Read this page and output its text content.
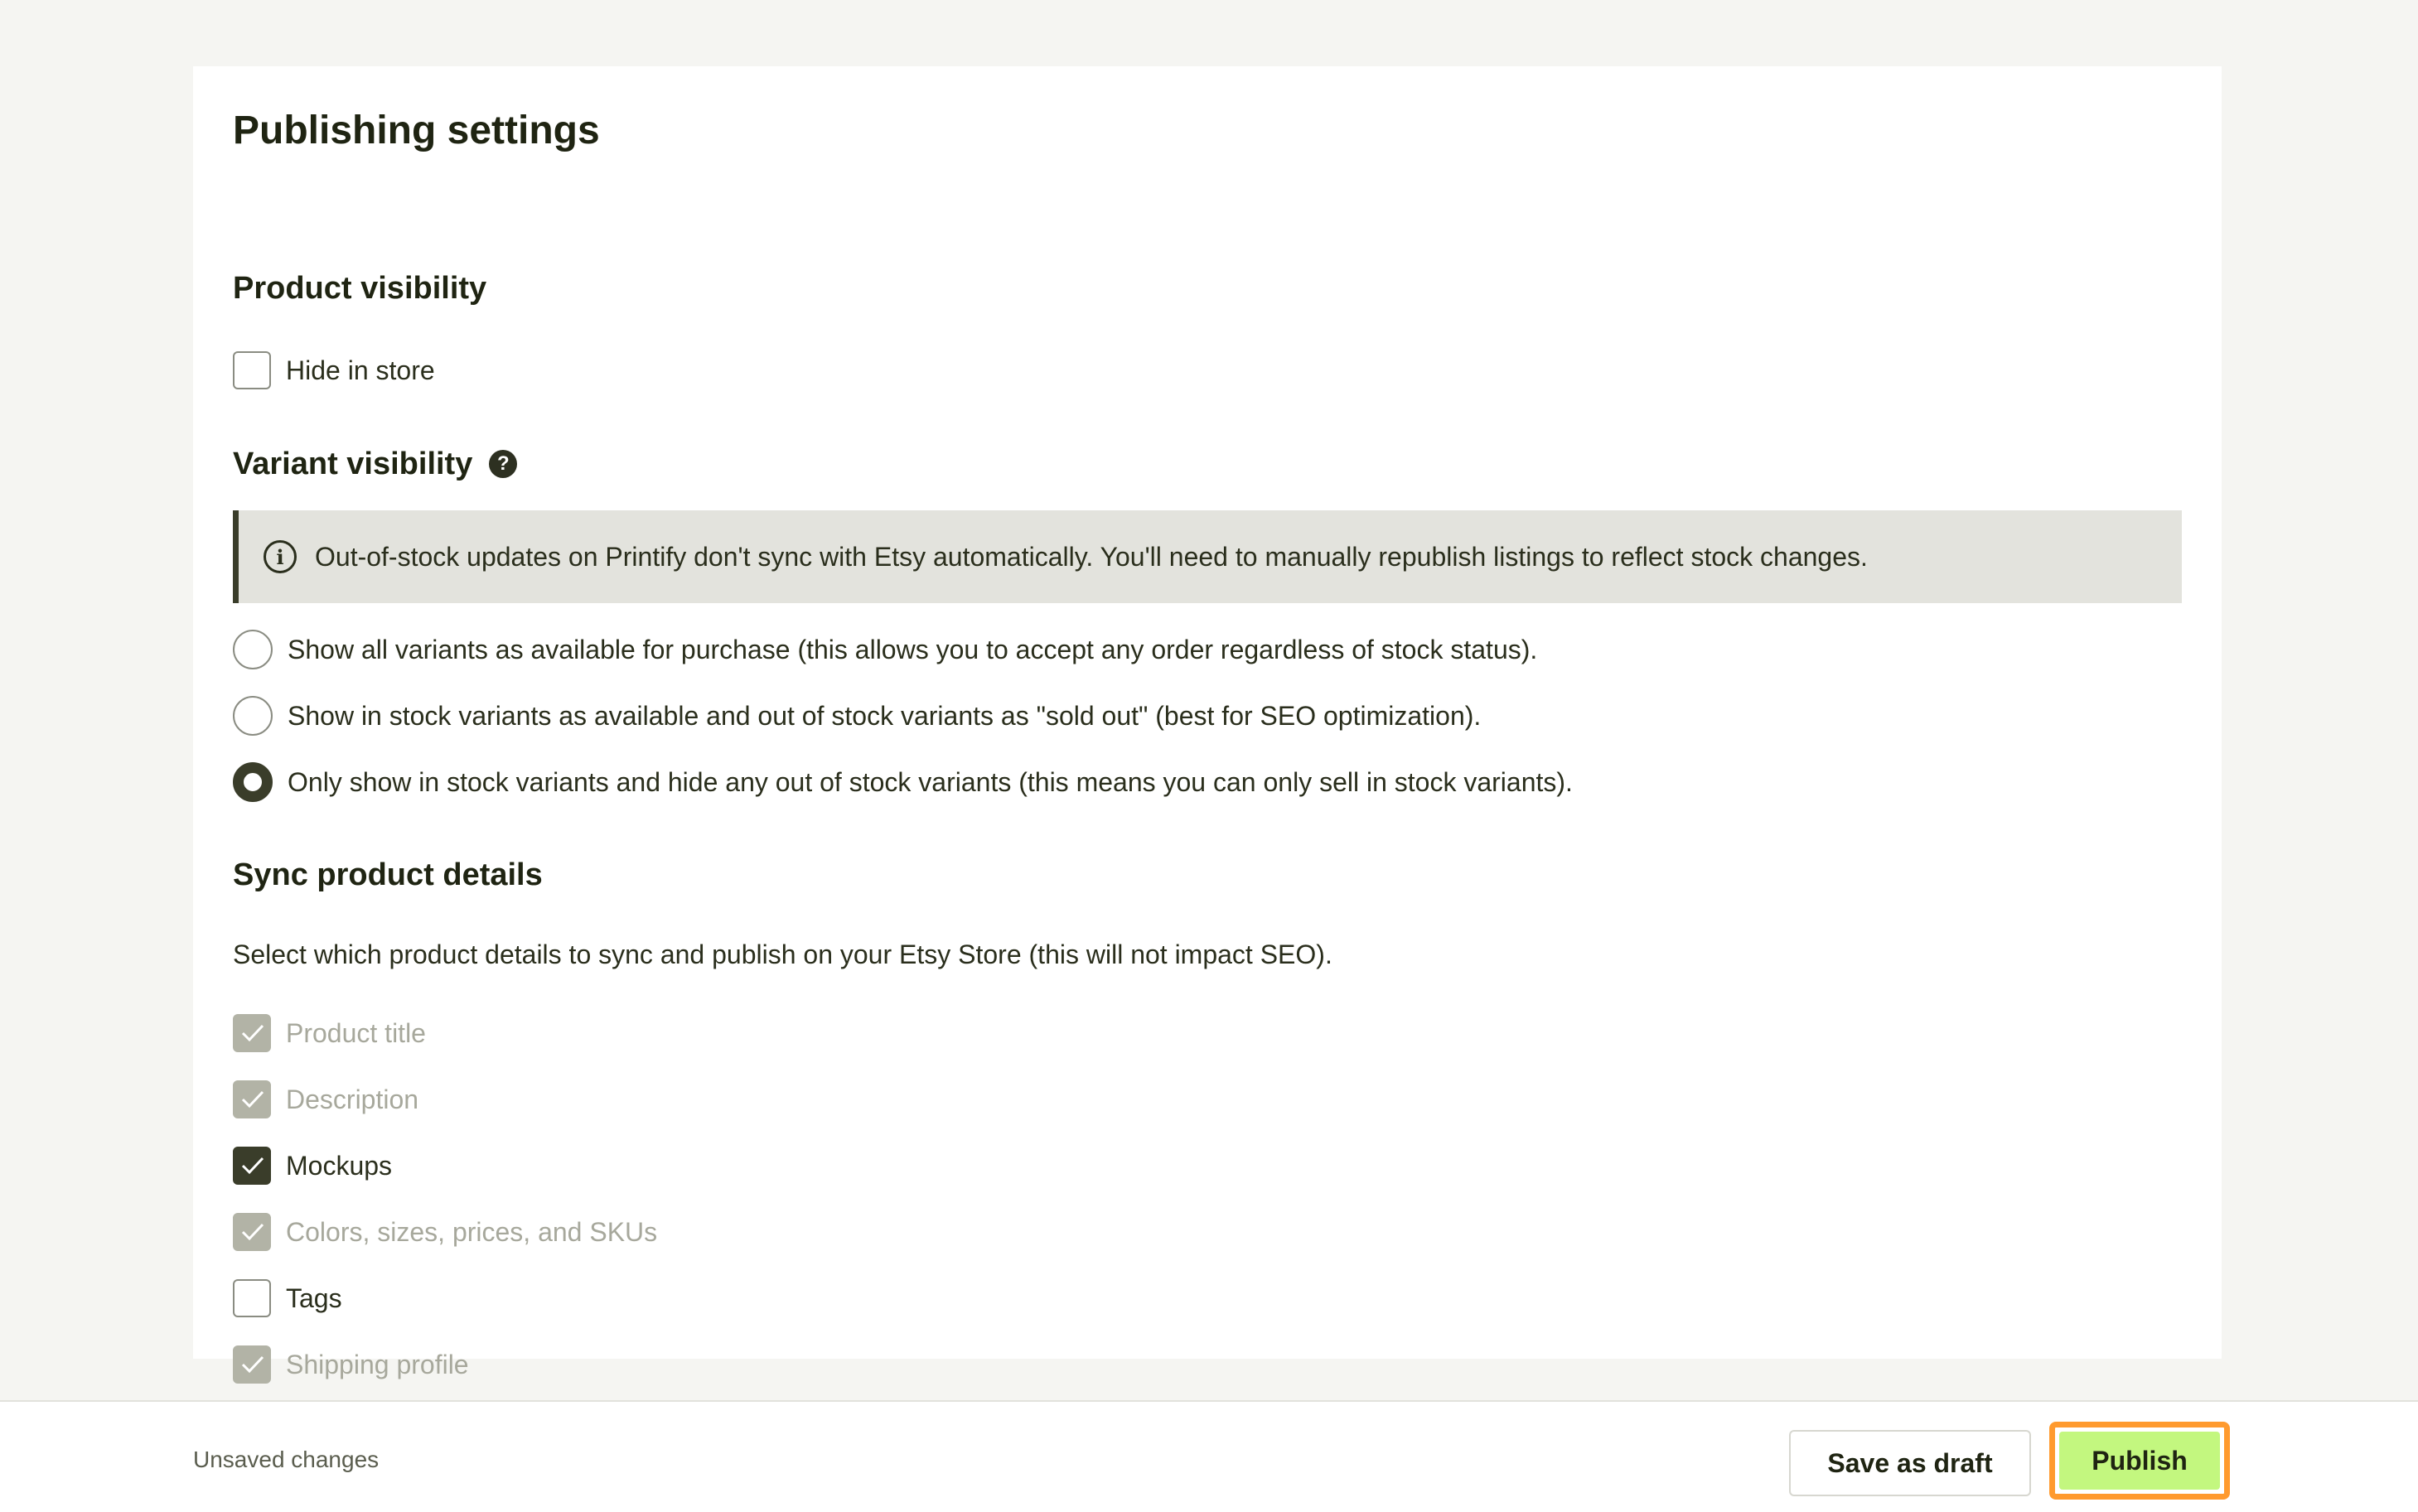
Publishing settings
Product visibility
Hide in store
Variant visibility	?
i	Out-of-stock updates on Printify don't sync with Etsy automatically. You'll need to manually republish listings to reflect stock changes.
Show all variants as available for purchase (this allows you to accept any order regardless of stock status).
Show in stock variants as available and out of stock variants as "sold out" (best for SEO optimization).
Only show in stock variants and hide any out of stock variants (this means you can only sell in stock variants).
Sync product details

Select which product details to sync and publish on your Etsy Store (this will not impact SEO).

Product title
Description
Mockups
Colors, sizes, prices, and SKUs
Tags
Shipping profile
Unsaved changes	Save as draft	Publish
